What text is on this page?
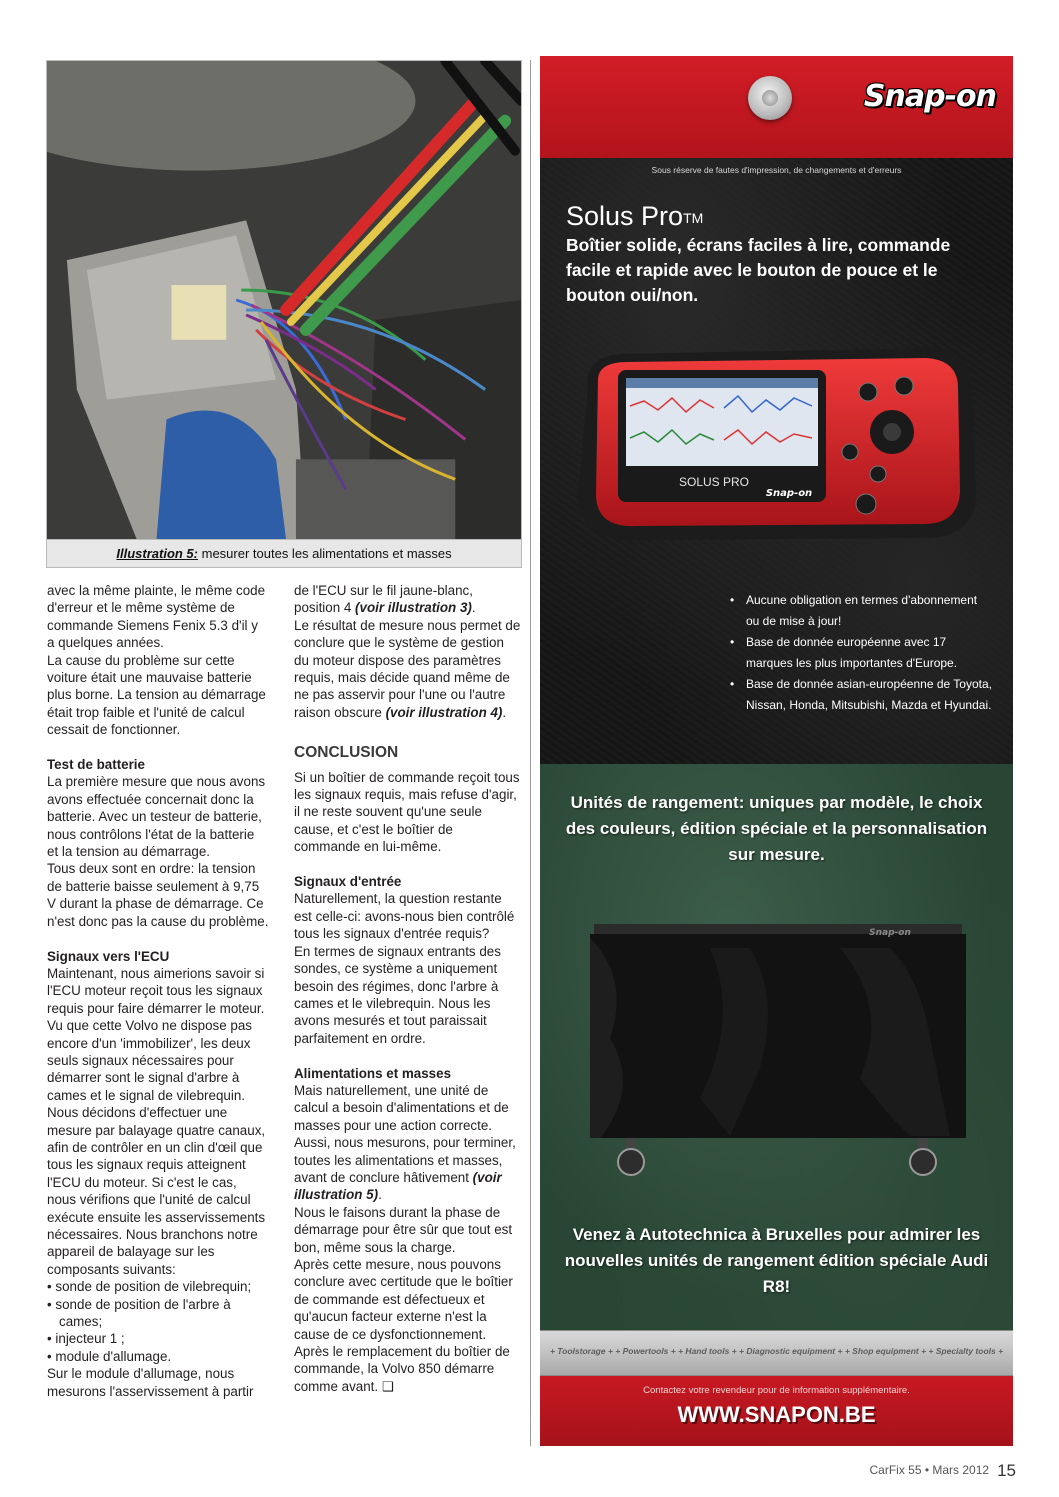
Illustration 5: mesurer toutes les alimentations et masses

avec la même plainte, le même code d'erreur et le même système de commande Siemens Fenix 5.3 d'il y a quelques années.

La cause du problème sur cette voiture était une mauvaise batterie plus borne. La tension au démarrage était trop faible et l'unité de calcul cessait de fonctionner.

Test de batterie

La première mesure que nous avons avons effectuée concernait donc la batterie. Avec un testeur de batterie, nous contrôlons l'état de la batterie et la tension au démarrage.

Tous deux sont en ordre: la tension de batterie baisse seulement à 9,75 V durant la phase de démarrage. Ce n'est donc pas la cause du problème.

Signaux vers l'ECU

Maintenant, nous aimerions savoir si l'ECU moteur reçoit tous les signaux requis pour faire démarrer le moteur. Vu que cette Volvo ne dispose pas encore d'un 'immobilizer', les deux seuls signaux nécessaires pour démarrer sont le signal d'arbre à cames et le signal de vilebrequin. Nous décidons d'effectuer une mesure par balayage quatre canaux, afin de contrôler en un clin d'œil que tous les signaux requis atteignent l'ECU du moteur. Si c'est le cas, nous vérifions que l'unité de calcul exécute ensuite les asservissements nécessaires. Nous branchons notre appareil de balayage sur les composants suivants:

• sonde de position de vilebrequin;

• sonde de position de l'arbre à cames;

• injecteur 1 ;

• module d'allumage.

Sur le module d'allumage, nous mesurons l'asservissement à partir

de l'ECU sur le fil jaune-blanc, position 4 (voir illustration 3).

Le résultat de mesure nous permet de conclure que le système de gestion du moteur dispose des paramètres requis, mais décide quand même de ne pas asservir pour l'une ou l'autre raison obscure (voir illustration 4).

CONCLUSION

Si un boîtier de commande reçoit tous les signaux requis, mais refuse d'agir, il ne reste souvent qu'une seule cause, et c'est le boîtier de commande en lui-même.

Signaux d'entrée

Naturellement, la question restante est celle-ci: avons-nous bien contrôlé tous les signaux d'entrée requis?

En termes de signaux entrants des sondes, ce système a uniquement besoin des régimes, donc l'arbre à cames et le vilebrequin. Nous les avons mesurés et tout paraissait parfaitement en ordre.

Alimentations et masses

Mais naturellement, une unité de calcul a besoin d'alimentations et de masses pour une action correcte. Aussi, nous mesurons, pour terminer, toutes les alimentations et masses, avant de conclure hâtivement (voir illustration 5).

Nous le faisons durant la phase de démarrage pour être sûr que tout est bon, même sous la charge.

Après cette mesure, nous pouvons conclure avec certitude que le boîtier de commande est défectueux et qu'aucun facteur externe n'est la cause de ce dysfonctionnement.

Après le remplacement du boîtier de commande, la Volvo 850 démarre comme avant. ❑

Snap-on
Sous réserve de fautes d'impression, de changements et d'erreurs
Solus Pro™
Boîtier solide, écrans faciles à lire, commande facile et rapide avec le bouton de pouce et le bouton oui/non.
SOLUS PRO
Snap-on
• Aucune obligation en termes d'abonnement ou de mise à jour!
• Base de donnée européenne avec 17 marques les plus importantes d'Europe.
• Base de donnée asian-européenne de Toyota, Nissan, Honda, Mitsubishi, Mazda et Hyundai.
Unités de rangement: uniques par modèle, le choix des couleurs, édition spéciale et la personnalisation sur mesure.
Snap-on
Venez à Autotechnica à Bruxelles pour admirer les nouvelles unités de rangement édition spéciale Audi R8!
+ Toolstorage + + Powertools + + Hand tools + + Diagnostic equipment + + Shop equipment + + Specialty tools +
Contactez votre revendeur pour de information supplémentaire.
WWW.SNAPON.BE
CarFix 55 • Mars 2012 15
